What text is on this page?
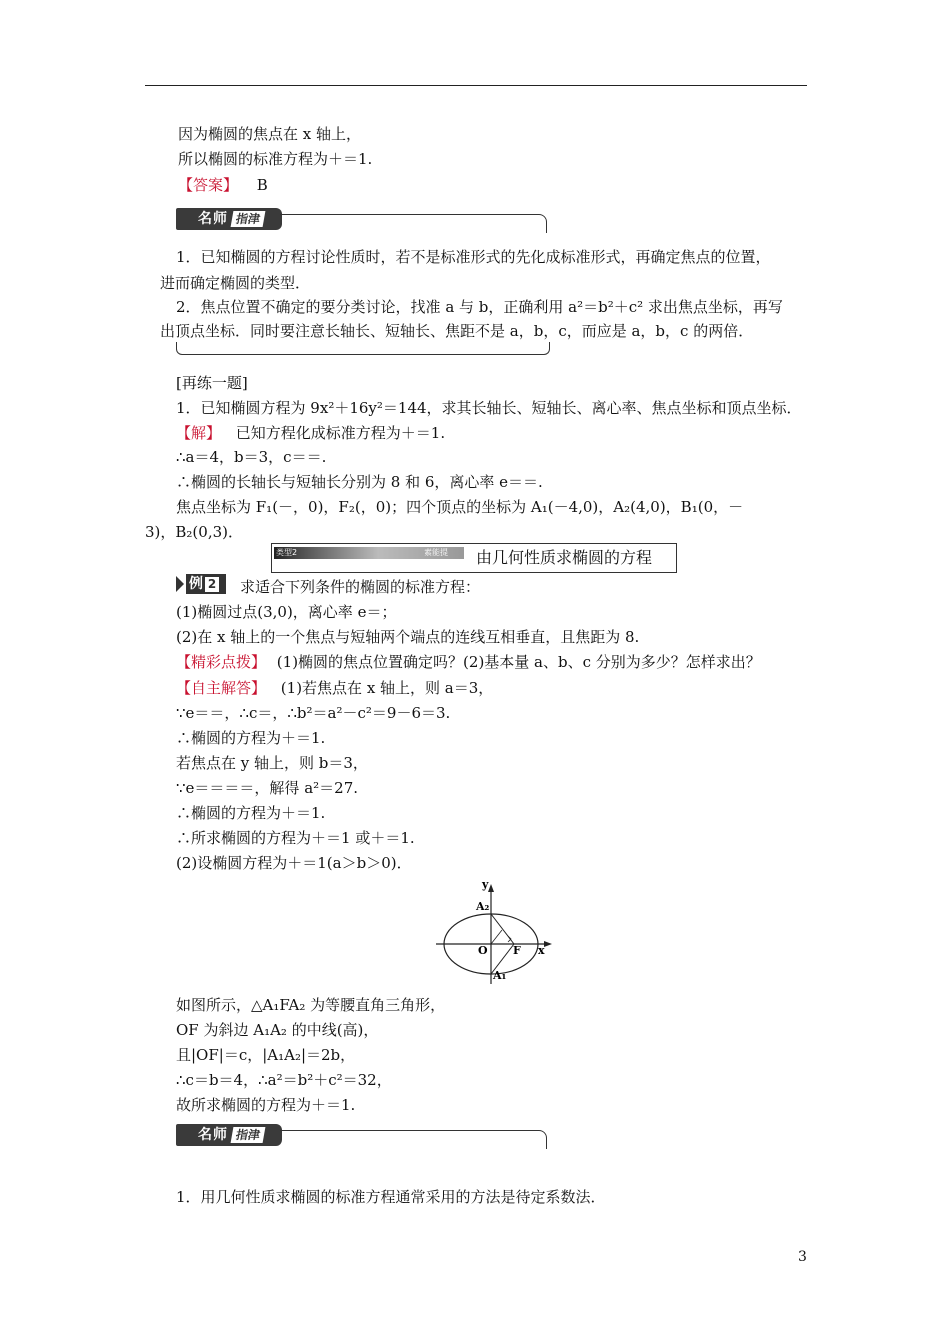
因为椭圆的焦点在 x 轴上，
所以椭圆的标准方程为＋＝1.
【答案】 B
名师 指津
1．已知椭圆的方程讨论性质时，若不是标准形式的先化成标准形式，再确定焦点的位置，
进而确定椭圆的类型．
2．焦点位置不确定的要分类讨论，找准 a 与 b，正确利用 a²＝b²＋c² 求出焦点坐标，再写
出顶点坐标．同时要注意长轴长、短轴长、焦距不是 a，b，c，而应是 a，b，c 的两倍．
[再练一题]
1．已知椭圆方程为 9x²＋16y²＝144，求其长轴长、短轴长、离心率、焦点坐标和顶点坐标．
【解】 已知方程化成标准方程为＋＝1.
∴a＝4，b＝3，c＝＝.
∴椭圆的长轴长与短轴长分别为 8 和 6，离心率 e＝＝.
焦点坐标为 F₁(－，0)，F₂(，0)；四个顶点的坐标为 A₁(－4,0)，A₂(4,0)，B₁(0，－
3)，B₂(0,3)．
类型2	素能提 由几何性质求椭圆的方程
例 2	求适合下列条件的椭圆的标准方程：
(1)椭圆过点(3,0)，离心率 e＝；
(2)在 x 轴上的一个焦点与短轴两个端点的连线互相垂直，且焦距为 8.
【精彩点拨】 (1)椭圆的焦点位置确定吗？(2)基本量 a、b、c 分别为多少？怎样求出？
【自主解答】 (1)若焦点在 x 轴上，则 a＝3，
∵e＝＝，∴c＝，∴b²＝a²－c²＝9－6＝3.
∴椭圆的方程为＋＝1.
若焦点在 y 轴上，则 b＝3，
∵e＝＝＝＝，解得 a²＝27.
∴椭圆的方程为＋＝1.
∴所求椭圆的方程为＋＝1 或＋＝1.
(2)设椭圆方程为＋＝1(a＞b＞0)．
y
x
A₂
A₁
O F
如图所示，△A₁FA₂ 为等腰直角三角形，
OF 为斜边 A₁A₂ 的中线(高)，
且|OF|＝c，|A₁A₂|＝2b，
∴c＝b＝4，∴a²＝b²＋c²＝32，
故所求椭圆的方程为＋＝1.
名师 指津
1．用几何性质求椭圆的标准方程通常采用的方法是待定系数法．
3
